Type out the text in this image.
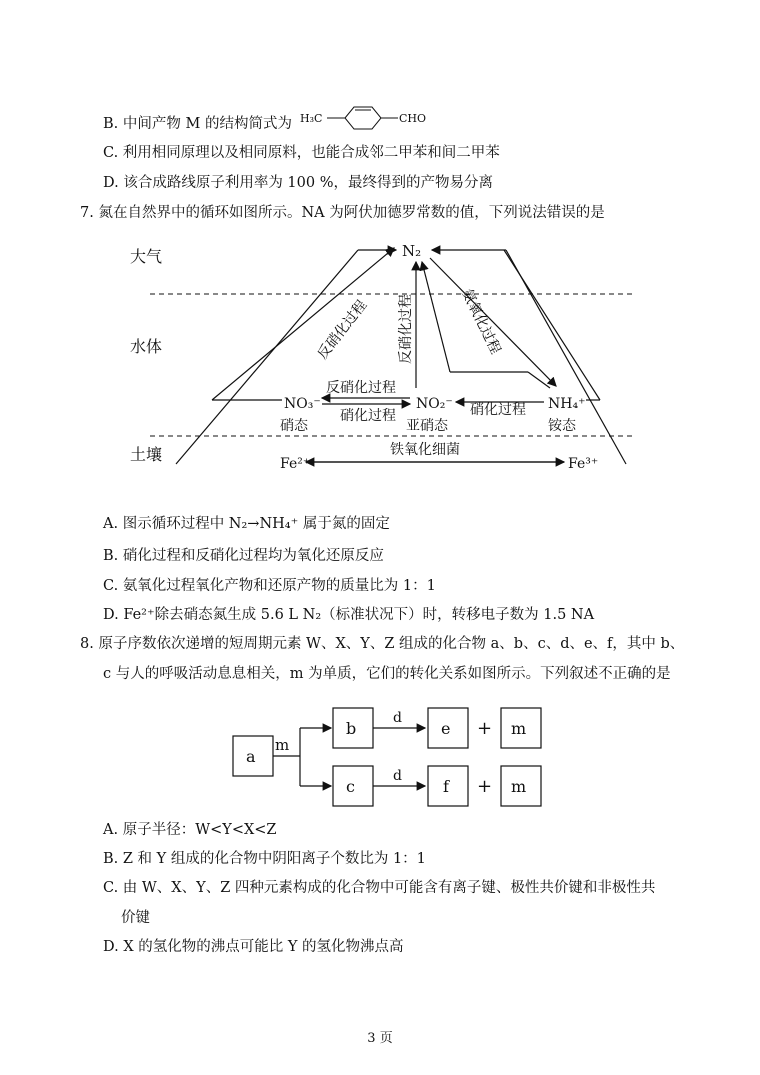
B. 中间产物 M 的结构简式为 H₃C	CHO
C. 利用相同原理以及相同原料，也能合成邻二甲苯和间二甲苯
D. 该合成路线原子利用率为 100 %，最终得到的产物易分离
7. 氮在自然界中的循环如图所示。NA 为阿伏加德罗常数的值，下列说法错误的是
大气
水体
土壤
N₂
NO₃⁻
硝态
NO₂⁻
亚硝态
NH₄⁺
铵态
Fe²⁺	Fe³⁺
反硝化过程 反硝化过程	氨氧化过程
反硝化过程
硝化过程	硝化过程
铁氧化细菌
A. 图示循环过程中 N₂→NH₄⁺ 属于氮的固定
B. 硝化过程和反硝化过程均为氧化还原反应
C. 氨氧化过程氧化产物和还原产物的质量比为 1：1
D. Fe²⁺除去硝态氮生成 5.6 L N₂（标准状况下）时，转移电子数为 1.5 NA
8. 原子序数依次递增的短周期元素 W、X、Y、Z 组成的化合物 a、b、c、d、e、f，其中 b、
c 与人的呼吸活动息息相关，m 为单质，它们的转化关系如图所示。下列叙述不正确的是
a
m
b
c
d
d
e
f
+
+
m
m
A. 原子半径：W<Y<X<Z
B. Z 和 Y 组成的化合物中阴阳离子个数比为 1：1
C. 由 W、X、Y、Z 四种元素构成的化合物中可能含有离子键、极性共价键和非极性共
价键
D. X 的氢化物的沸点可能比 Y 的氢化物沸点高
3 页
